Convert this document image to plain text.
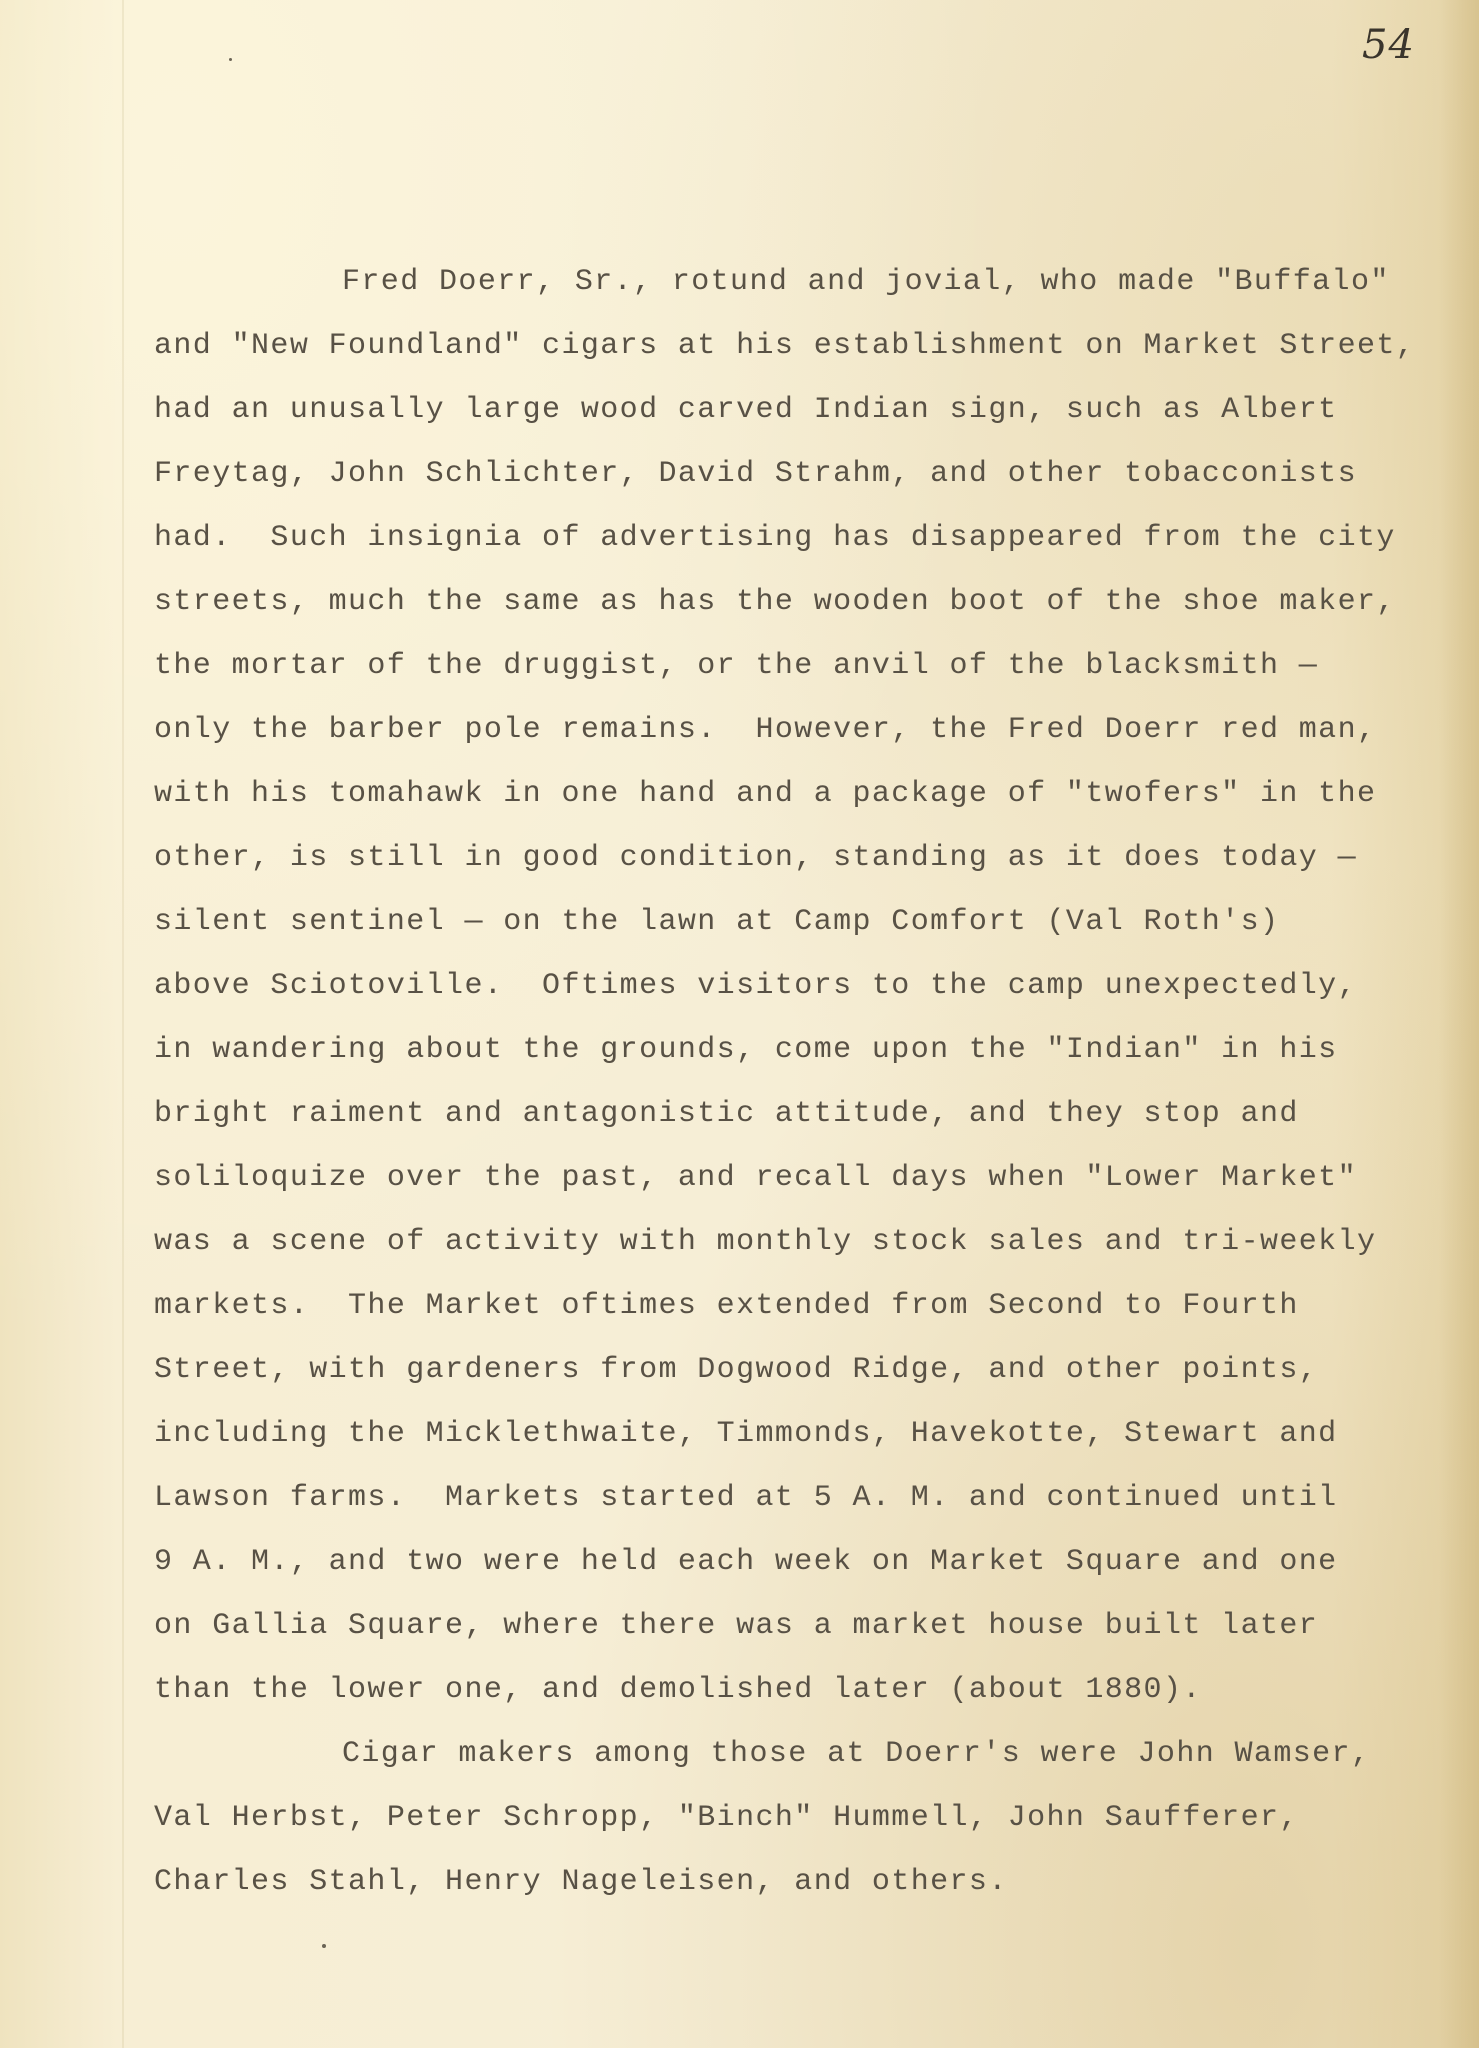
54
Fred Doerr, Sr., rotund and jovial, who made "Buffalo"
and "New Foundland" cigars at his establishment on Market Street,
had an unusally large wood carved Indian sign, such as Albert
Freytag, John Schlichter, David Strahm, and other tobacconists
had.  Such insignia of advertising has disappeared from the city
streets, much the same as has the wooden boot of the shoe maker,
the mortar of the druggist, or the anvil of the blacksmith —
only the barber pole remains.  However, the Fred Doerr red man,
with his tomahawk in one hand and a package of "twofers" in the
other, is still in good condition, standing as it does today —
silent sentinel — on the lawn at Camp Comfort (Val Roth's)
above Sciotoville.  Oftimes visitors to the camp unexpectedly,
in wandering about the grounds, come upon the "Indian" in his
bright raiment and antagonistic attitude, and they stop and
soliloquize over the past, and recall days when "Lower Market"
was a scene of activity with monthly stock sales and tri-weekly
markets.  The Market oftimes extended from Second to Fourth
Street, with gardeners from Dogwood Ridge, and other points,
including the Micklethwaite, Timmonds, Havekotte, Stewart and
Lawson farms.  Markets started at 5 A. M. and continued until
9 A. M., and two were held each week on Market Square and one
on Gallia Square, where there was a market house built later
than the lower one, and demolished later (about 1880).
Cigar makers among those at Doerr's were John Wamser,
Val Herbst, Peter Schropp, "Binch" Hummell, John Saufferer,
Charles Stahl, Henry Nageleisen, and others.
